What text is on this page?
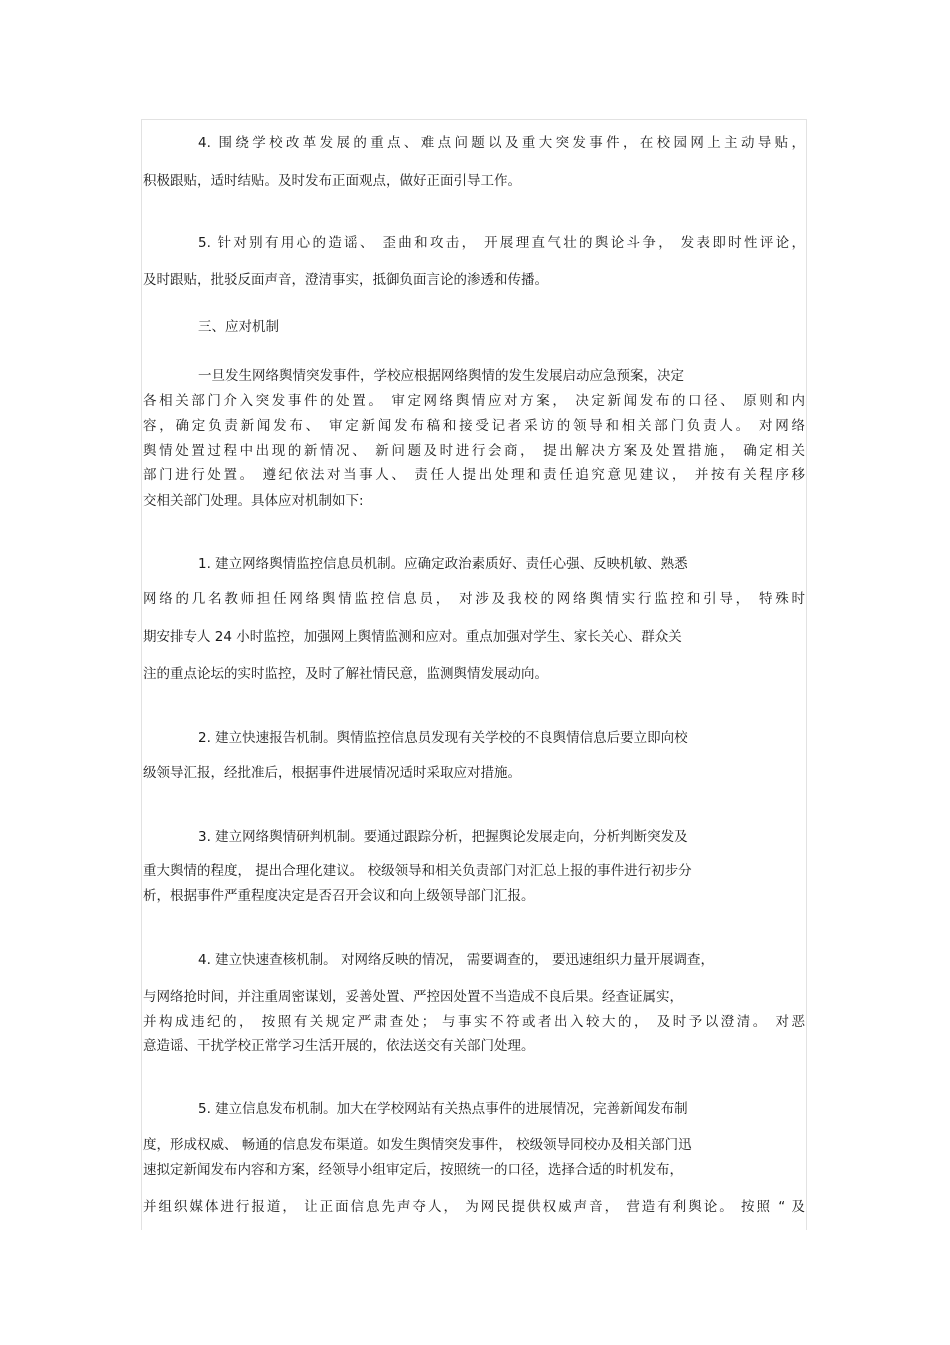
4. 围绕学校改革发展的重点、难点问题以及重大突发事件，在校园网上主动导贴，
积极跟贴，适时结贴。及时发布正面观点，做好正面引导工作。
5. 针对别有用心的造谣、 歪曲和攻击， 开展理直气壮的舆论斗争， 发表即时性评论，
及时跟贴，批驳反面声音，澄清事实，抵御负面言论的渗透和传播。
三、应对机制
一旦发生网络舆情突发事件，学校应根据网络舆情的发生发展启动应急预案，决定
各相关部门介入突发事件的处置。 审定网络舆情应对方案， 决定新闻发布的口径、 原则和内
容，确定负责新闻发布、 审定新闻发布稿和接受记者采访的领导和相关部门负责人。 对网络
舆情处置过程中出现的新情况、 新问题及时进行会商， 提出解决方案及处置措施， 确定相关
部门进行处置。 遵纪依法对当事人、 责任人提出处理和责任追究意见建议， 并按有关程序移
交相关部门处理。具体应对机制如下:
1. 建立网络舆情监控信息员机制。应确定政治素质好、责任心强、反映机敏、熟悉
网络的几名教师担任网络舆情监控信息员， 对涉及我校的网络舆情实行监控和引导， 特殊时
期安排专人 24 小时监控，加强网上舆情监测和应对。重点加强对学生、家长关心、群众关
注的重点论坛的实时监控，及时了解社情民意，监测舆情发展动向。
2. 建立快速报告机制。舆情监控信息员发现有关学校的不良舆情信息后要立即向校
级领导汇报，经批准后，根据事件进展情况适时采取应对措施。
3. 建立网络舆情研判机制。要通过跟踪分析，把握舆论发展走向，分析判断突发及
重大舆情的程度， 提出合理化建议。 校级领导和相关负责部门对汇总上报的事件进行初步分
析，根据事件严重程度决定是否召开会议和向上级领导部门汇报。
4. 建立快速查核机制。 对网络反映的情况， 需要调查的， 要迅速组织力量开展调查，
与网络抢时间，并注重周密谋划，妥善处置、严控因处置不当造成不良后果。经查证属实，
并构成违纪的， 按照有关规定严肃查处； 与事实不符或者出入较大的， 及时予以澄清。 对恶
意造谣、干扰学校正常学习生活开展的，依法送交有关部门处理。
5. 建立信息发布机制。加大在学校网站有关热点事件的进展情况，完善新闻发布制
度，形成权威、 畅通的信息发布渠道。如发生舆情突发事件， 校级领导同校办及相关部门迅
速拟定新闻发布内容和方案，经领导小组审定后，按照统一的口径，选择合适的时机发布，
并组织媒体进行报道， 让正面信息先声夺人， 为网民提供权威声音， 营造有利舆论。 按照 “ 及
